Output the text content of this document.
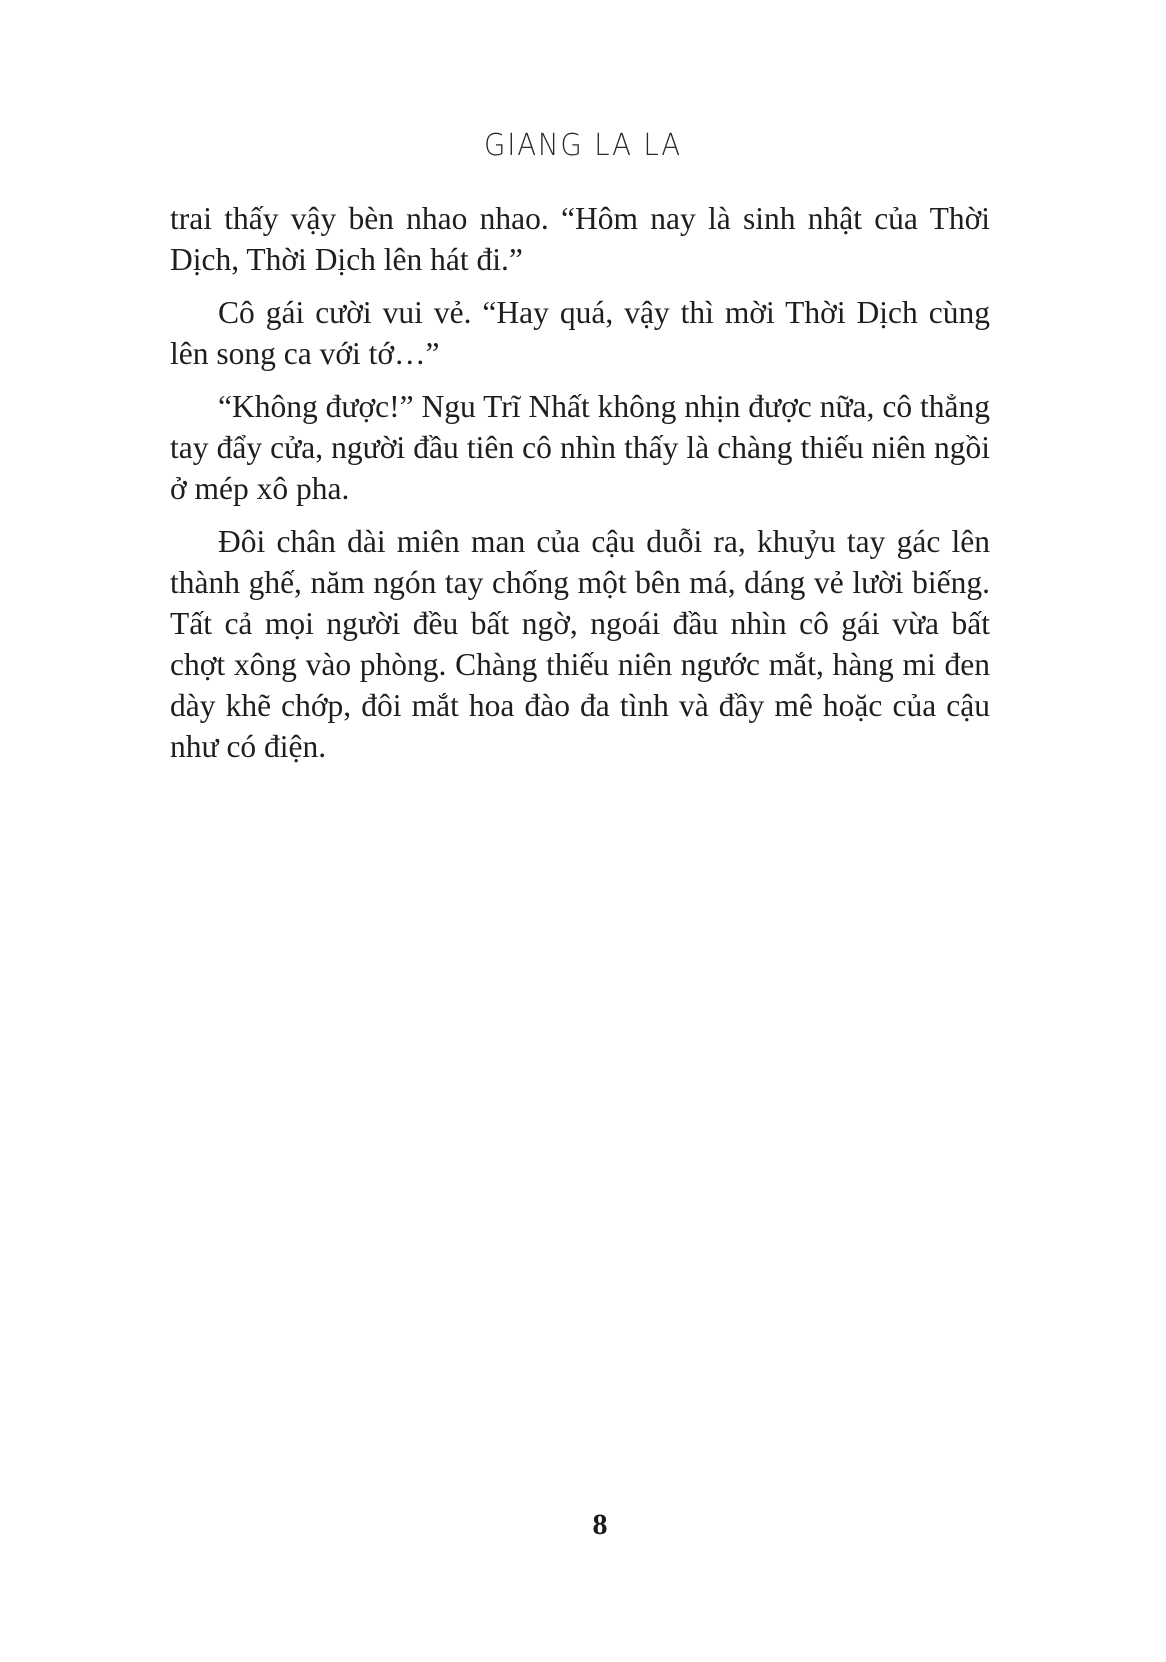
GIANG LA LA

trai thấy vậy bèn nhao nhao. “Hôm nay là sinh nhật của Thời Dịch, Thời Dịch lên hát đi.”

Cô gái cười vui vẻ. “Hay quá, vậy thì mời Thời Dịch cùng lên song ca với tớ…”

“Không được!” Ngu Trĩ Nhất không nhịn được nữa, cô thẳng tay đẩy cửa, người đầu tiên cô nhìn thấy là chàng thiếu niên ngồi ở mép xô pha.

Đôi chân dài miên man của cậu duỗi ra, khuỷu tay gác lên thành ghế, năm ngón tay chống một bên má, dáng vẻ lười biếng. Tất cả mọi người đều bất ngờ, ngoái đầu nhìn cô gái vừa bất chợt xông vào phòng. Chàng thiếu niên ngước mắt, hàng mi đen dày khẽ chớp, đôi mắt hoa đào đa tình và đầy mê hoặc của cậu như có điện.

8
